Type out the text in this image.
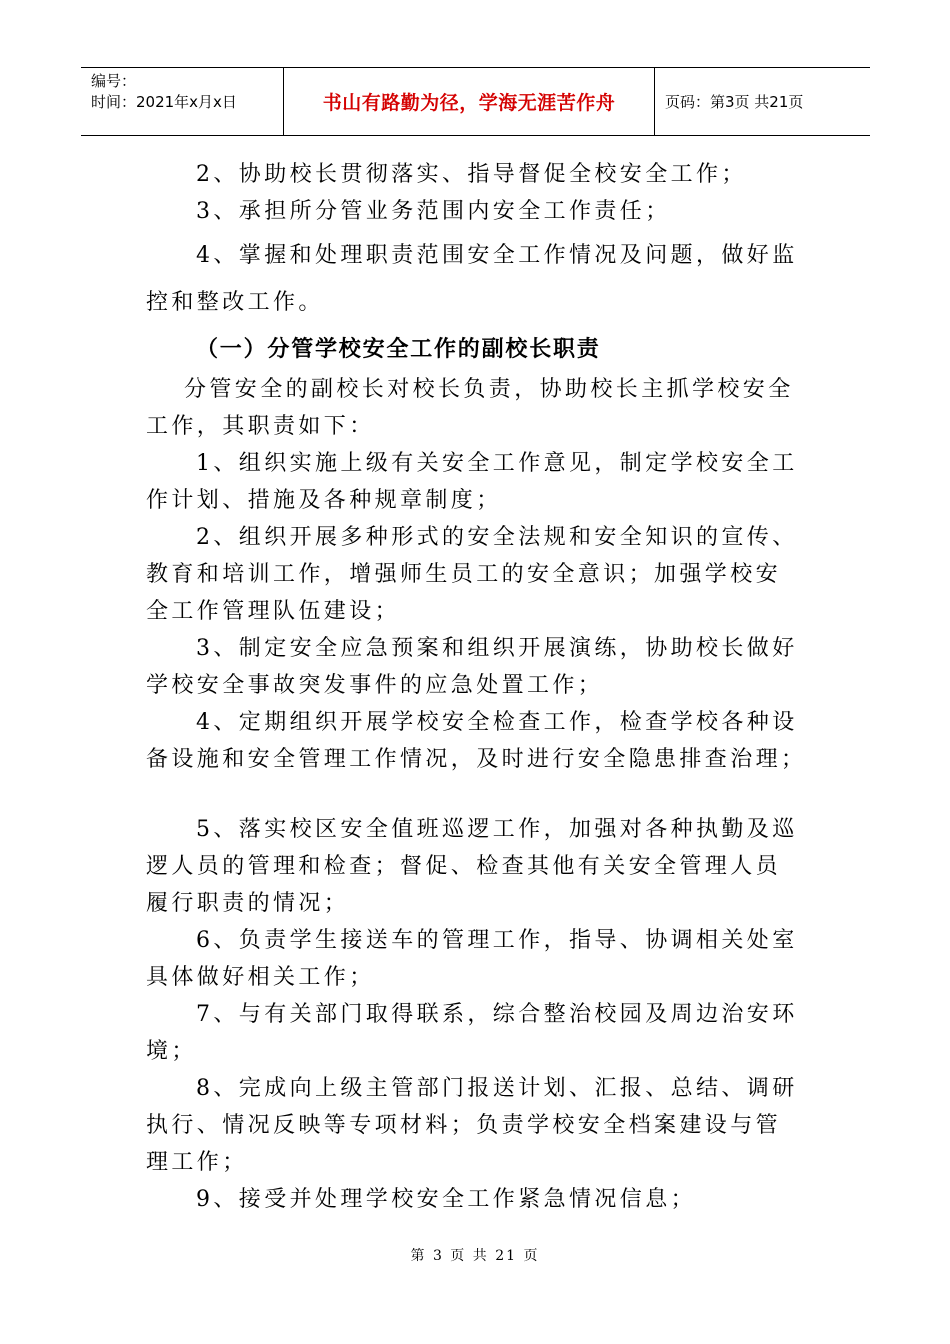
编号：
时间：2021年x月x日	书山有路勤为径，学海无涯苦作舟	页码：第3页 共21页
2、协助校长贯彻落实、指导督促全校安全工作；
3、承担所分管业务范围内安全工作责任；
4、掌握和处理职责范围安全工作情况及问题，做好监
控和整改工作。
（一）分管学校安全工作的副校长职责
分管安全的副校长对校长负责，协助校长主抓学校安全
工作，其职责如下：
1、组织实施上级有关安全工作意见，制定学校安全工
作计划、措施及各种规章制度；
2、组织开展多种形式的安全法规和安全知识的宣传、
教育和培训工作，增强师生员工的安全意识；加强学校安
全工作管理队伍建设；
3、制定安全应急预案和组织开展演练，协助校长做好
学校安全事故突发事件的应急处置工作；
4、定期组织开展学校安全检查工作，检查学校各种设
备设施和安全管理工作情况，及时进行安全隐患排查治理；
5、落实校区安全值班巡逻工作，加强对各种执勤及巡
逻人员的管理和检查；督促、检查其他有关安全管理人员
履行职责的情况；
6、负责学生接送车的管理工作，指导、协调相关处室
具体做好相关工作；
7、与有关部门取得联系，综合整治校园及周边治安环
境；
8、完成向上级主管部门报送计划、汇报、总结、调研
执行、情况反映等专项材料；负责学校安全档案建设与管
理工作；
9、接受并处理学校安全工作紧急情况信息；
第 3 页 共 21 页
